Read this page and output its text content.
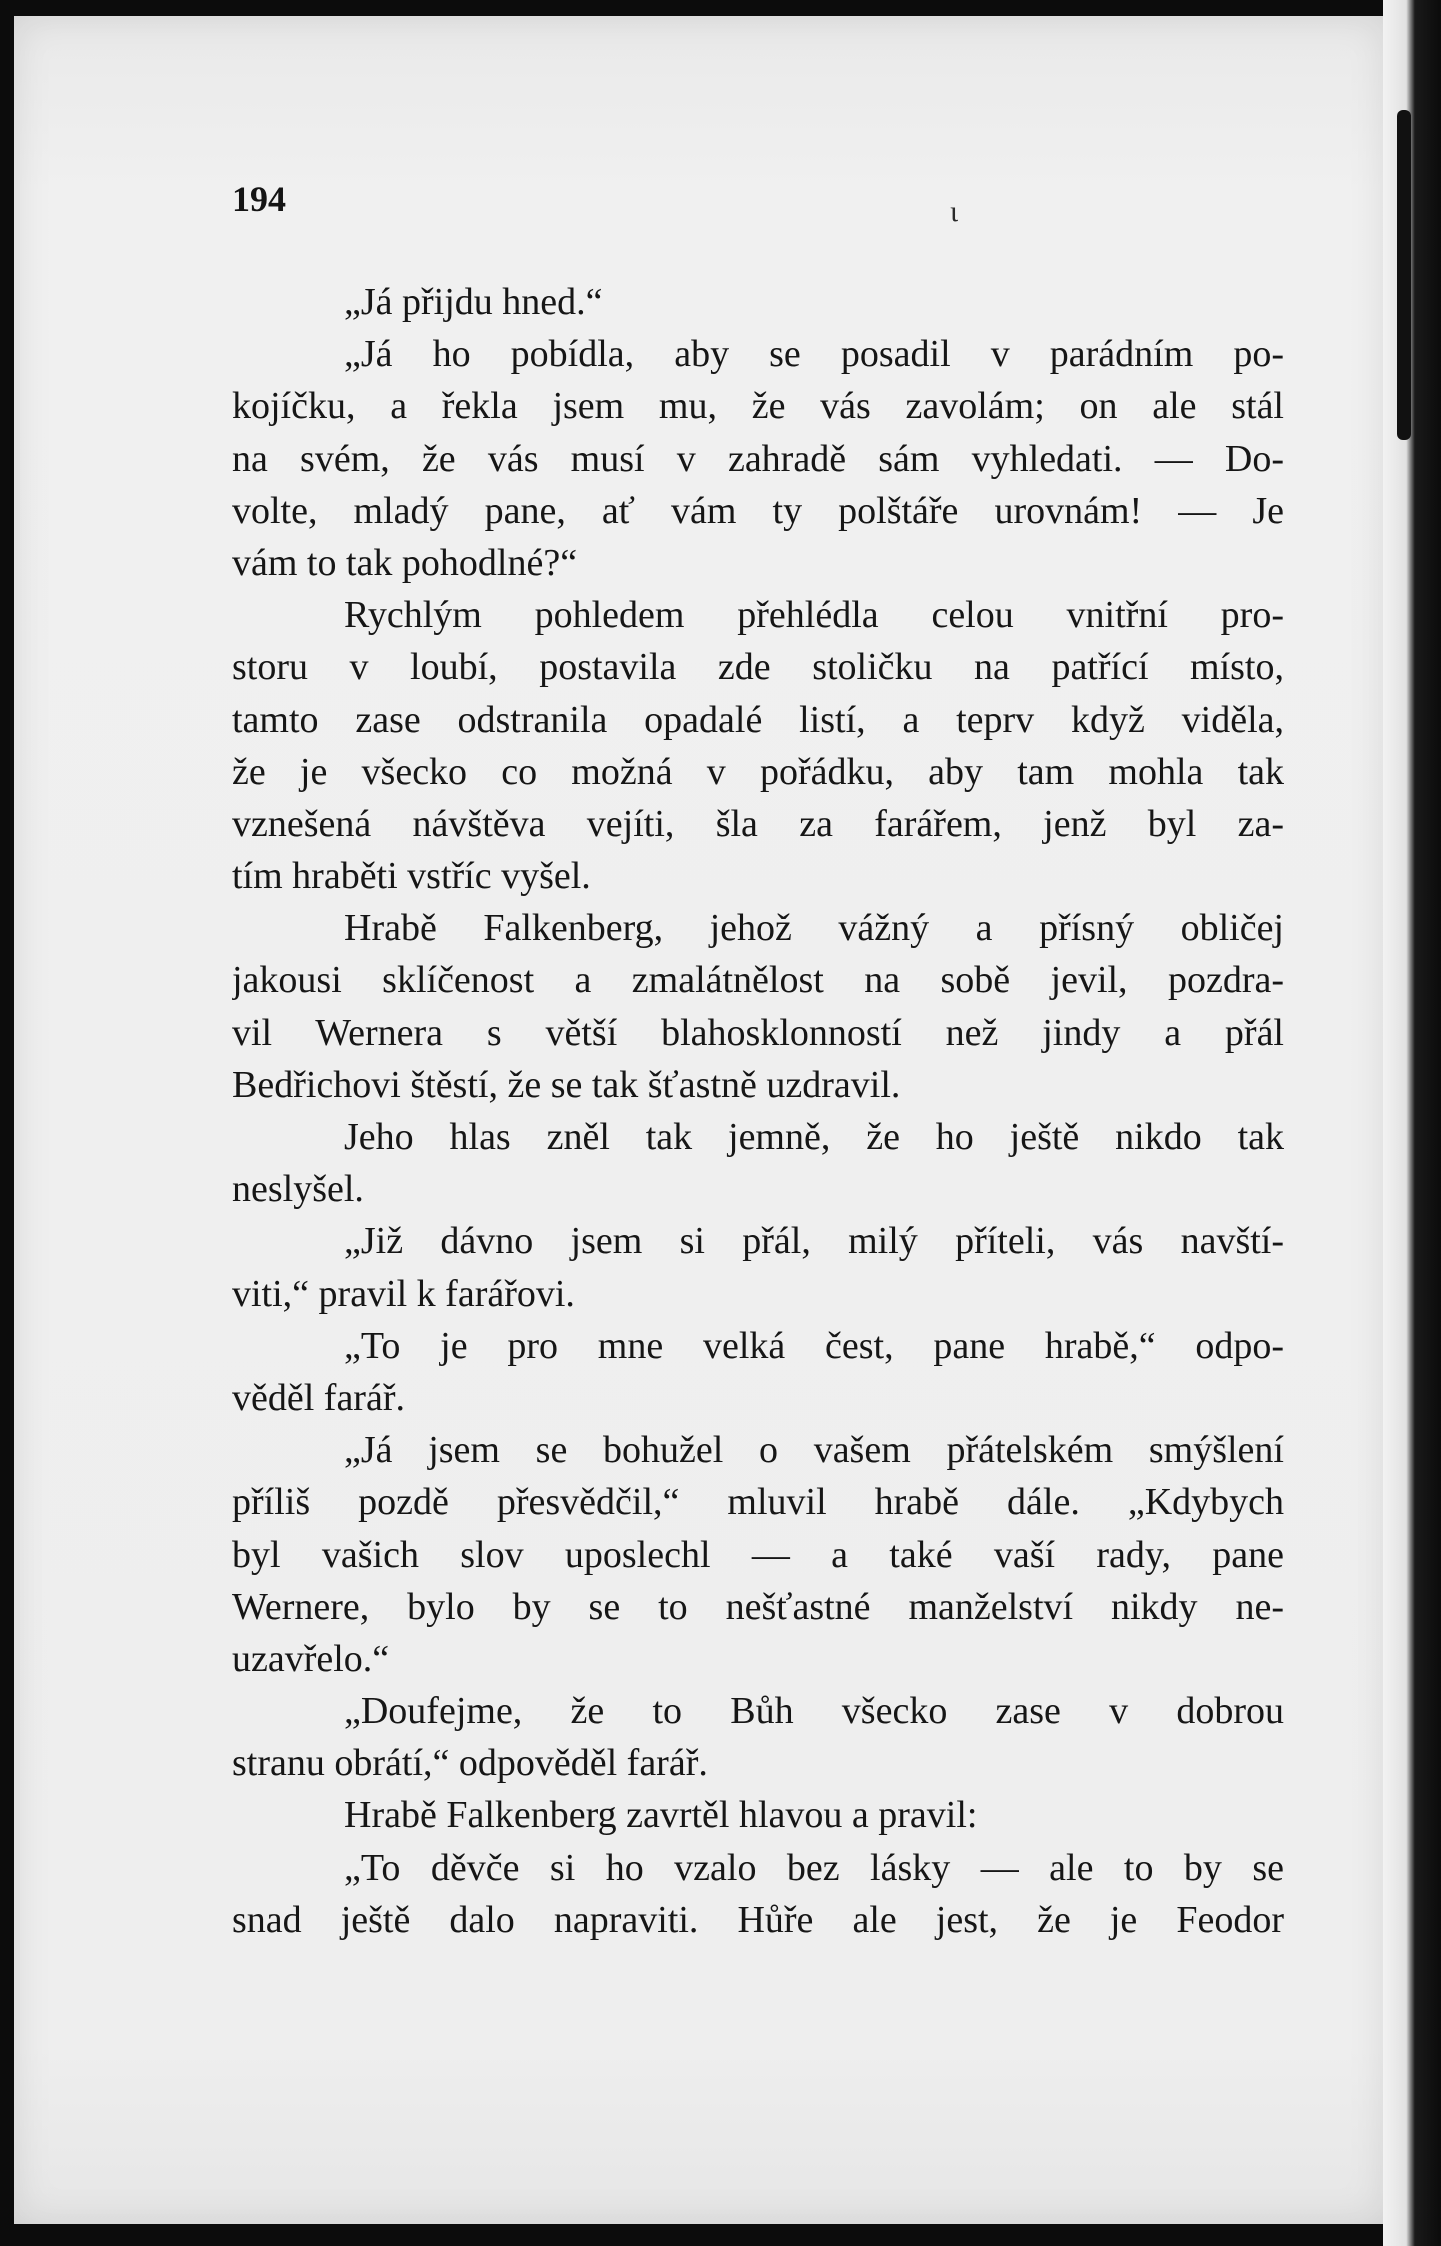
194	ι
„Já přijdu hned.“
„Já ho pobídla, aby se posadil v parádním po-
kojíčku, a řekla jsem mu, že vás zavolám; on ale stál
na svém, že vás musí v zahradě sám vyhledati. — Do-
volte, mladý pane, ať vám ty polštáře urovnám! — Je
vám to tak pohodlné?“
Rychlým pohledem přehlédla celou vnitřní pro-
storu v loubí, postavila zde stoličku na patřící místo,
tamto zase odstranila opadalé listí, a teprv když viděla,
že je všecko co možná v pořádku, aby tam mohla tak
vznešená návštěva vejíti, šla za farářem, jenž byl za-
tím hraběti vstříc vyšel.
Hrabě Falkenberg, jehož vážný a přísný obličej
jakousi sklíčenost a zmalátnělost na sobě jevil, pozdra-
vil Wernera s větší blahosklonností než jindy a přál
Bedřichovi štěstí, že se tak šťastně uzdravil.
Jeho hlas zněl tak jemně, že ho ještě nikdo tak
neslyšel.
„Již dávno jsem si přál, milý příteli, vás navští-
viti,“ pravil k farářovi.
„To je pro mne velká čest, pane hrabě,“ odpo-
věděl farář.
„Já jsem se bohužel o vašem přátelském smýšlení
příliš pozdě přesvědčil,“ mluvil hrabě dále. „Kdybych
byl vašich slov uposlechl — a také vaší rady, pane
Wernere, bylo by se to nešťastné manželství nikdy ne-
uzavřelo.“
„Doufejme, že to Bůh všecko zase v dobrou
stranu obrátí,“ odpověděl farář.
Hrabě Falkenberg zavrtěl hlavou a pravil:
„To děvče si ho vzalo bez lásky — ale to by se
snad ještě dalo napraviti. Hůře ale jest, že je Feodor
